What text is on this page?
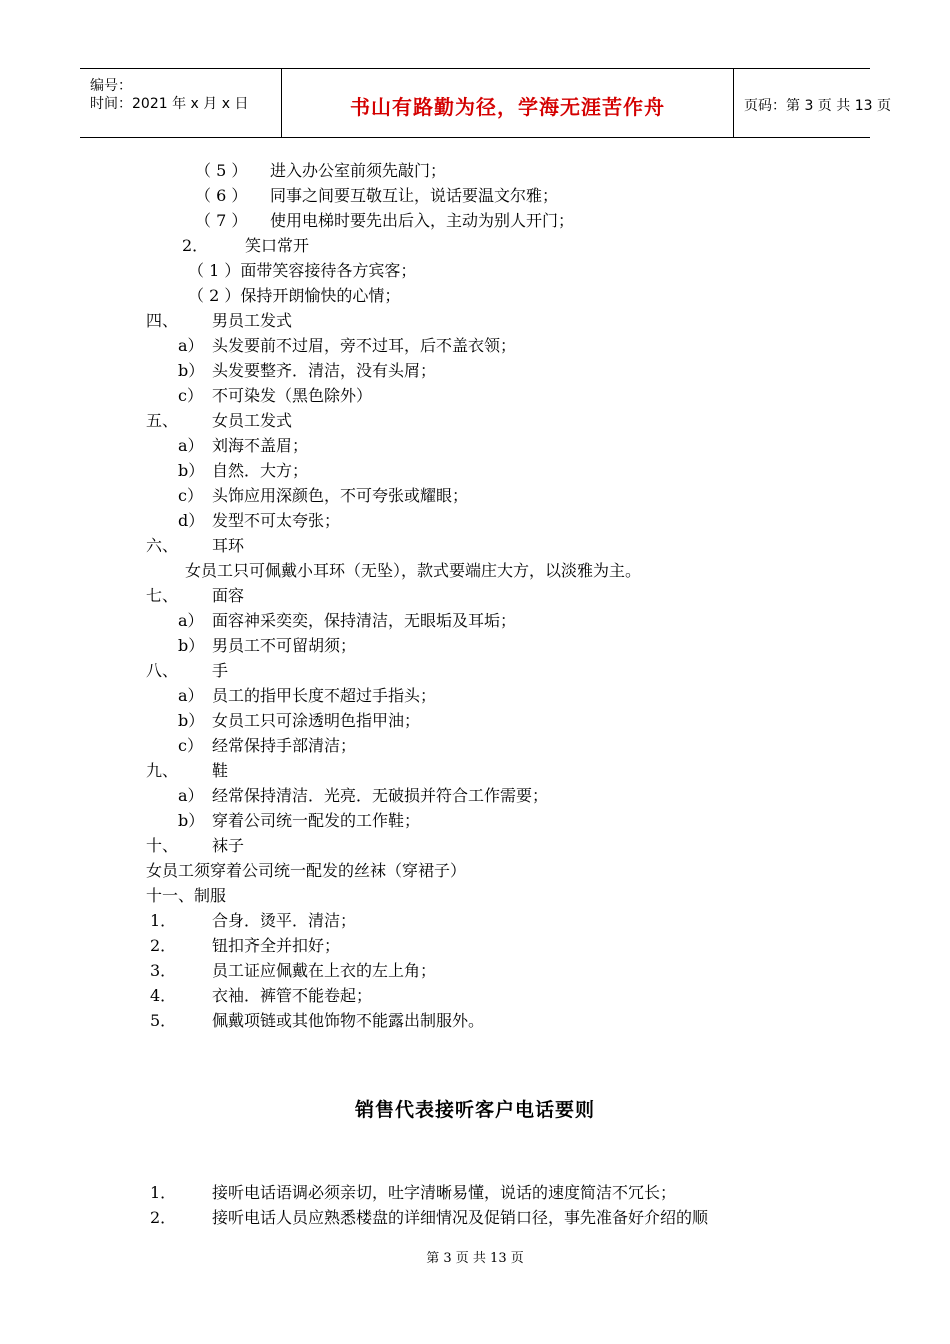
编号：
时间：2021 年 x 月 x 日	书山有路勤为径，学海无涯苦作舟	页码：第 3 页 共 13 页
（ 5 ） 进入办公室前须先敲门；
（ 6 ） 同事之间要互敬互让，说话要温文尔雅；
（ 7 ） 使用电梯时要先出后入，主动为别人开门；
2． 笑口常开
（ 1 ）面带笑容接待各方宾客；
（ 2 ）保持开朗愉快的心情；
四、 男员工发式
a） 头发要前不过眉，旁不过耳，后不盖衣领；
b） 头发要整齐．清洁，没有头屑；
c） 不可染发（黑色除外）
五、 女员工发式
a） 刘海不盖眉；
b） 自然．大方；
c） 头饰应用深颜色，不可夸张或耀眼；
d） 发型不可太夸张；
六、 耳环
女员工只可佩戴小耳环（无坠），款式要端庄大方，以淡雅为主。
七、 面容
a） 面容神采奕奕，保持清洁，无眼垢及耳垢；
b） 男员工不可留胡须；
八、 手
a） 员工的指甲长度不超过手指头；
b） 女员工只可涂透明色指甲油；
c） 经常保持手部清洁；
九、 鞋
a） 经常保持清洁．光亮．无破损并符合工作需要；
b） 穿着公司统一配发的工作鞋；
十、 袜子
女员工须穿着公司统一配发的丝袜（穿裙子）
十一、制服
1． 合身．烫平．清洁；
2． 钮扣齐全并扣好；
3． 员工证应佩戴在上衣的左上角；
4． 衣袖．裤管不能卷起；
5． 佩戴项链或其他饰物不能露出制服外。
销售代表接听客户电话要则
1． 接听电话语调必须亲切，吐字清晰易懂，说话的速度简洁不冗长；
2． 接听电话人员应熟悉楼盘的详细情况及促销口径，事先准备好介绍的顺
第 3 页 共 13 页
